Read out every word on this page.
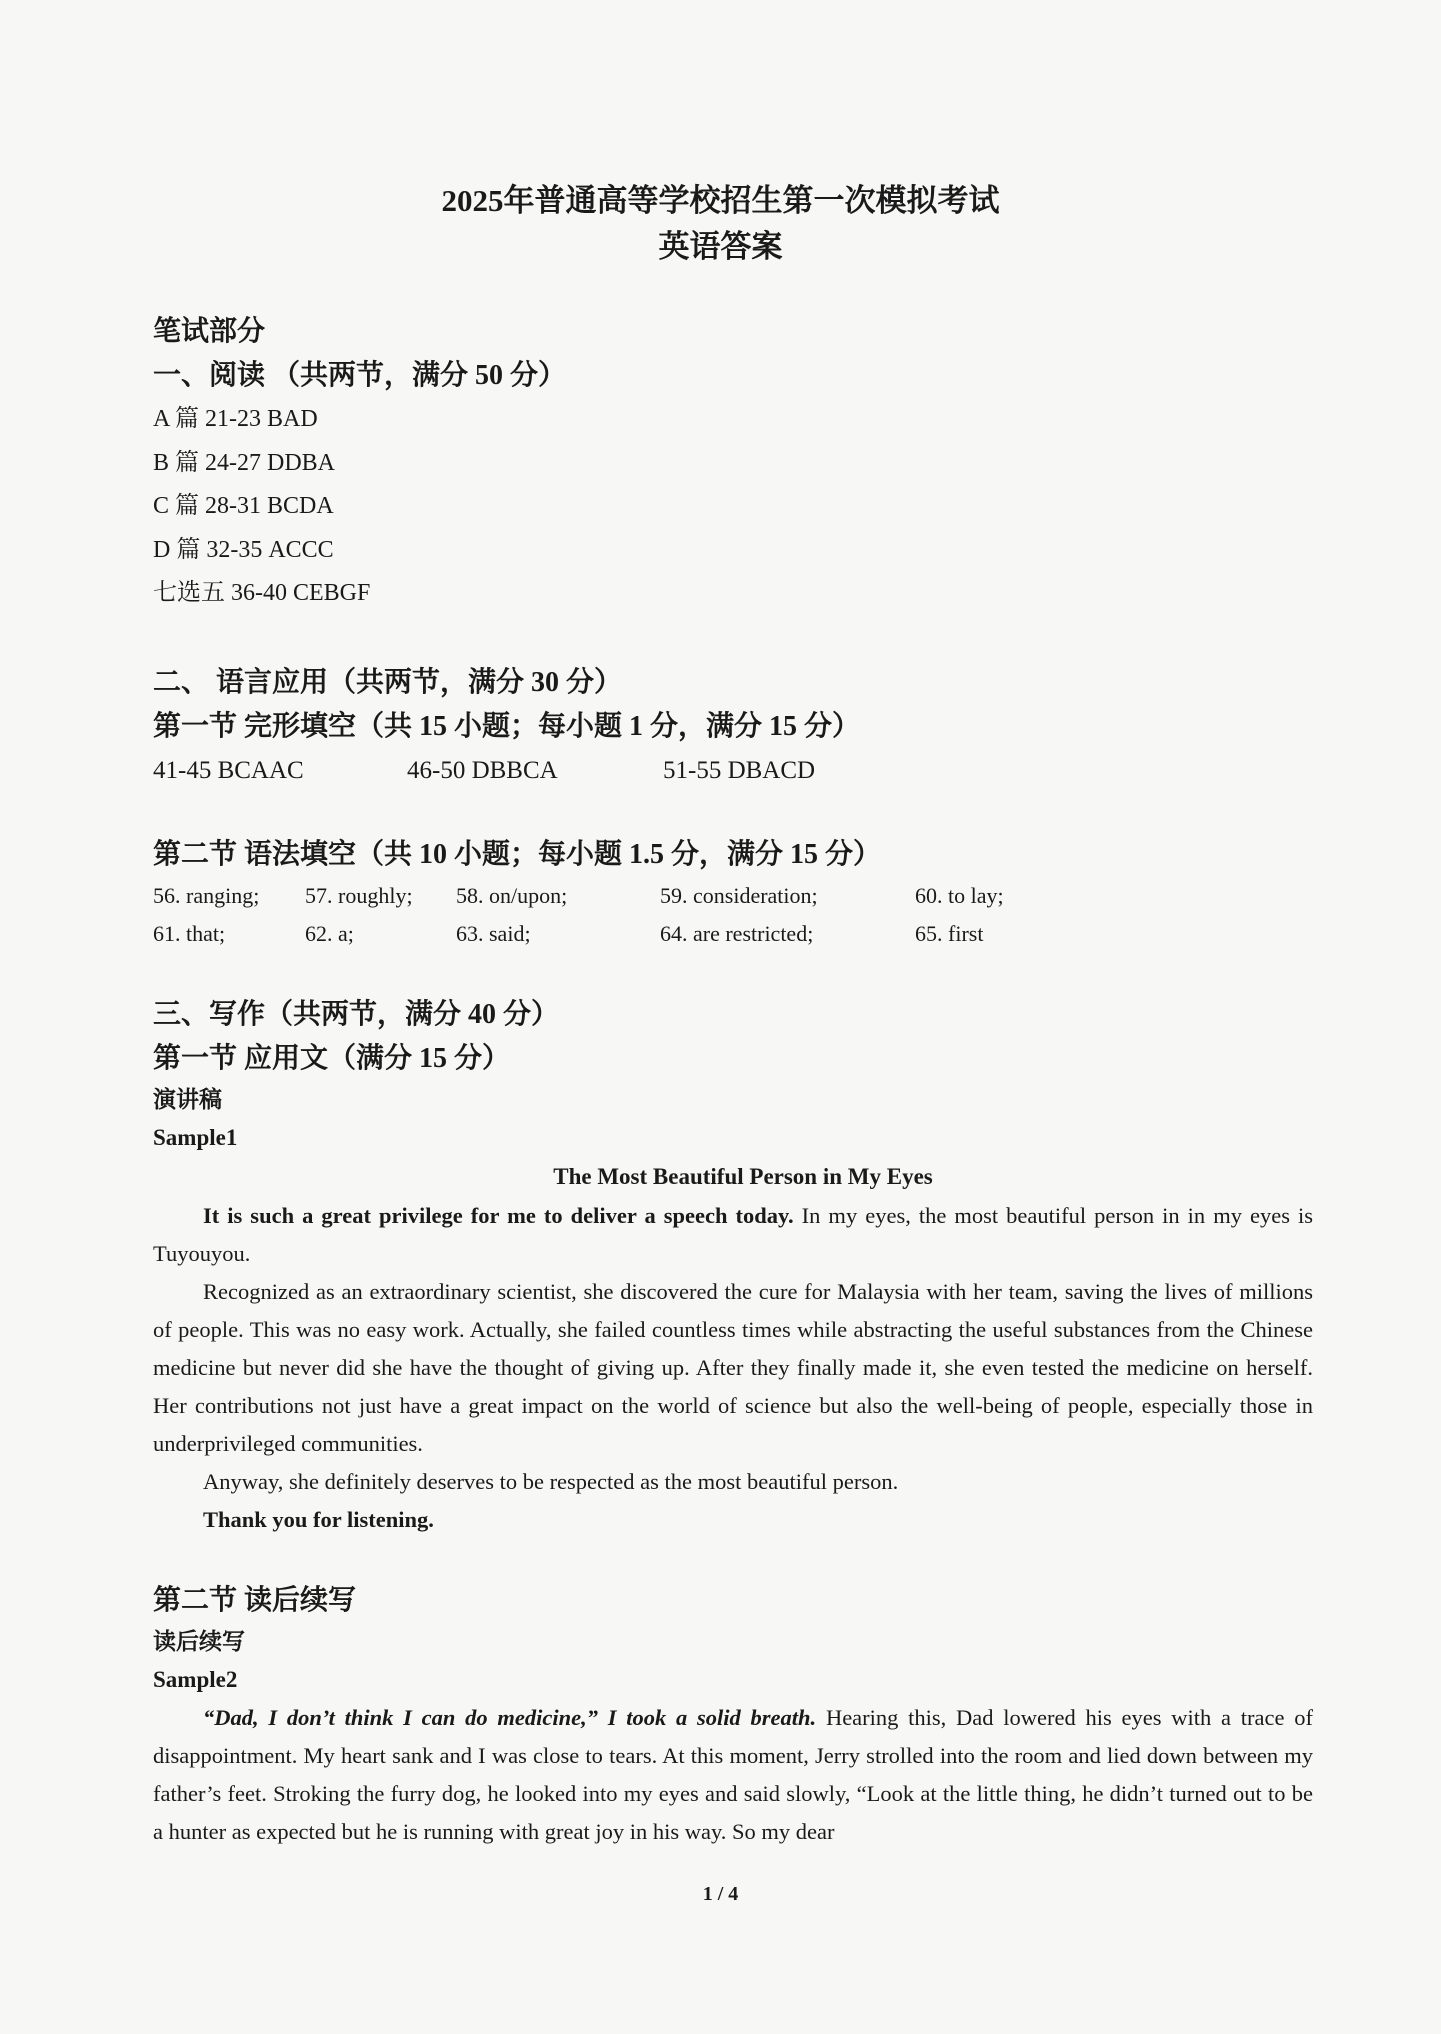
2025年普通高等学校招生第一次模拟考试
英语答案
笔试部分
一、阅读 （共两节，满分 50 分）
A 篇 21-23 BAD
B 篇 24-27 DDBA
C 篇 28-31 BCDA
D 篇 32-35 ACCC
七选五 36-40 CEBGF
二、 语言应用（共两节，满分 30 分）
第一节 完形填空（共 15 小题；每小题 1 分，满分 15 分）
41-45 BCAAC	46-50 DBBCA	51-55 DBACD
第二节 语法填空（共 10 小题；每小题 1.5 分，满分 15 分）
56. ranging;	57. roughly;	58. on/upon;	59. consideration;	60. to lay;
61. that;	62. a;	63. said;	64. are restricted;	65. first
三、写作（共两节，满分 40 分）
第一节 应用文（满分 15 分）
演讲稿
Sample1
The Most Beautiful Person in My Eyes

It is such a great privilege for me to deliver a speech today. In my eyes, the most beautiful person in in my eyes is Tuyouyou.

Recognized as an extraordinary scientist, she discovered the cure for Malaysia with her team, saving the lives of millions of people. This was no easy work. Actually, she failed countless times while abstracting the useful substances from the Chinese medicine but never did she have the thought of giving up. After they finally made it, she even tested the medicine on herself. Her contributions not just have a great impact on the world of science but also the well-being of people, especially those in underprivileged communities.

Anyway, she definitely deserves to be respected as the most beautiful person.

Thank you for listening.

第二节 读后续写
读后续写
Sample2

“Dad, I don’t think I can do medicine,” I took a solid breath. Hearing this, Dad lowered his eyes with a trace of disappointment. My heart sank and I was close to tears. At this moment, Jerry strolled into the room and lied down between my father’s feet. Stroking the furry dog, he looked into my eyes and said slowly, “Look at the little thing, he didn’t turned out to be a hunter as expected but he is running with great joy in his way. So my dear

1 / 4
